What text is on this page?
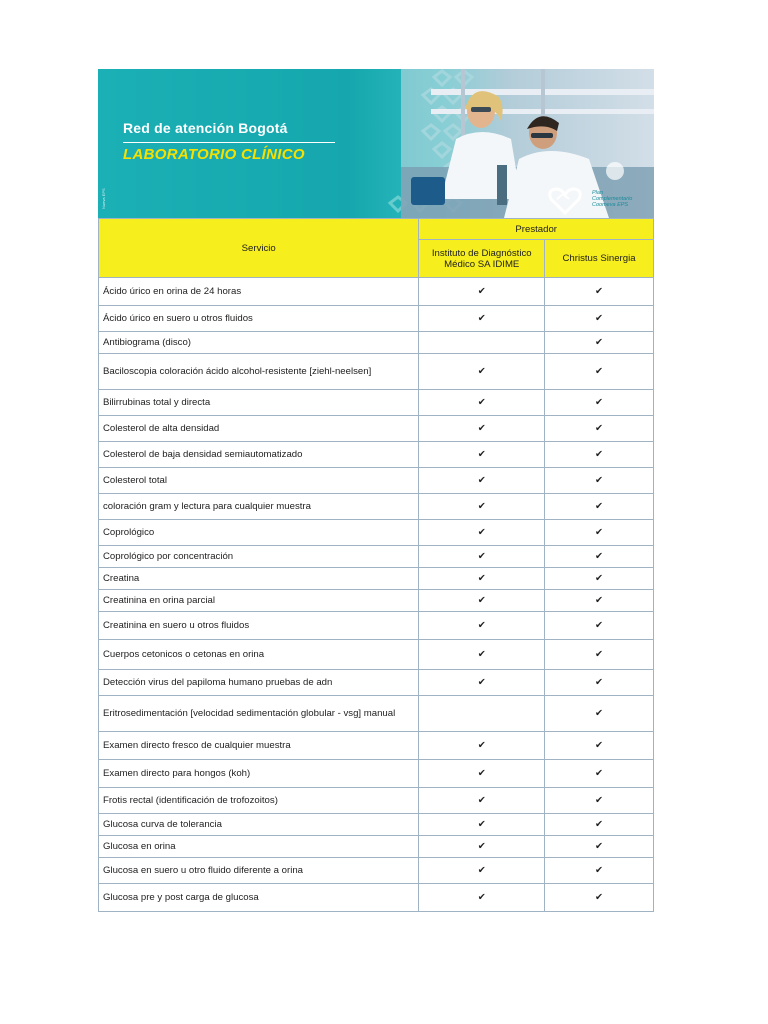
Plan
Complementario
Coomeva EPS
Nueva EPS
Red de atención Bogotá
LABORATORIO CLÍNICO
Servicio	Prestador	
	Instituto de Diagnóstico Médico SA IDIME	Christus Sinergia
Ácido úrico en orina de 24 horas	✔	✔
Ácido úrico en suero u otros fluidos	✔	✔
Antibiograma (disco)		✔
Baciloscopia coloración ácido alcohol-resistente [ziehl-neelsen]	✔	✔
Bilirrubinas total y directa	✔	✔
Colesterol de alta densidad	✔	✔
Colesterol de baja densidad semiautomatizado	✔	✔
Colesterol total	✔	✔
coloración gram y lectura para cualquier muestra	✔	✔
Coprológico	✔	✔
Coprológico por concentración	✔	✔
Creatina	✔	✔
Creatinina en orina parcial	✔	✔
Creatinina en suero u otros fluidos	✔	✔
Cuerpos cetonicos o cetonas en orina	✔	✔
Detección virus del papiloma humano pruebas de adn	✔	✔
Eritrosedimentación [velocidad sedimentación globular - vsg] manual		✔
Examen directo fresco de cualquier muestra	✔	✔
Examen directo para hongos (koh)	✔	✔
Frotis rectal (identificación de trofozoitos)	✔	✔
Glucosa curva de tolerancia	✔	✔
Glucosa en orina	✔	✔
Glucosa en suero u otro fluido diferente a orina	✔	✔
Glucosa pre y post carga de glucosa	✔	✔
